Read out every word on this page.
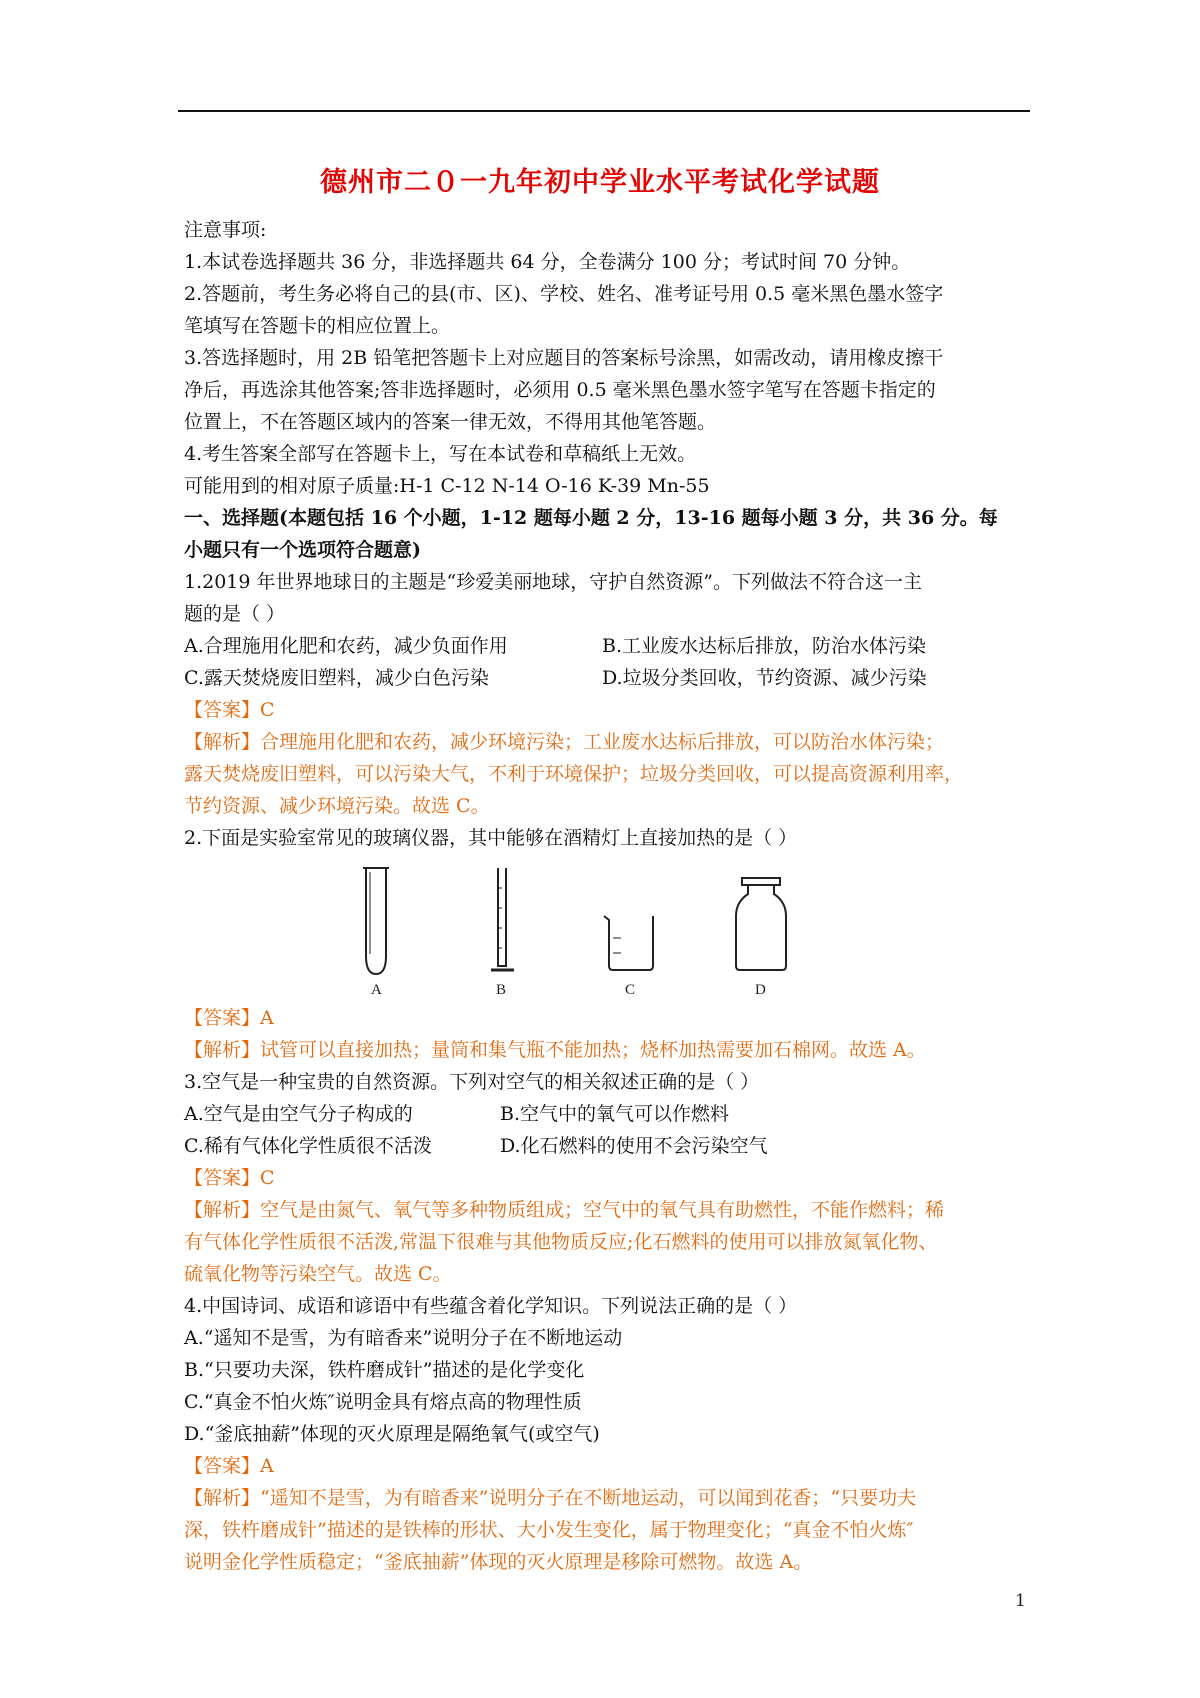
德州市二０一九年初中学业水平考试化学试题
注意事项:
1.本试卷选择题共 36 分，非选择题共 64 分，全卷满分 100 分；考试时间 70 分钟。
2.答题前，考生务必将自己的县(市、区)、学校、姓名、准考证号用 0.5 毫米黑色墨水签字
笔填写在答题卡的相应位置上。
3.答选择题时，用 2B 铅笔把答题卡上对应题目的答案标号涂黑，如需改动，请用橡皮擦干
净后，再选涂其他答案;答非选择题时，必须用 0.5 毫米黑色墨水签字笔写在答题卡指定的
位置上，不在答题区域内的答案一律无效，不得用其他笔答题。
4.考生答案全部写在答题卡上，写在本试卷和草稿纸上无效。
可能用到的相对原子质量:H-1 C-12 N-14 O-16 K-39 Mn-55
一、选择题(本题包括 16 个小题，1-12 题每小题 2 分，13-16 题每小题 3 分，共 36 分。每
小题只有一个选项符合题意)
1.2019 年世界地球日的主题是“珍爱美丽地球，守护自然资源”。下列做法不符合这一主
题的是（ ）
A.合理施用化肥和农药，减少负面作用	B.工业废水达标后排放，防治水体污染
C.露天焚烧废旧塑料，减少白色污染	D.垃圾分类回收，节约资源、减少污染
【答案】C
【解析】合理施用化肥和农药，减少环境污染；工业废水达标后排放，可以防治水体污染；
露天焚烧废旧塑料，可以污染大气，不利于环境保护；垃圾分类回收，可以提高资源利用率，
节约资源、减少环境污染。故选 C。
2.下面是实验室常见的玻璃仪器，其中能够在酒精灯上直接加热的是（ ）
A	B	C	D
【答案】A
【解析】试管可以直接加热；量筒和集气瓶不能加热；烧杯加热需要加石棉网。故选 A。
3.空气是一种宝贵的自然资源。下列对空气的相关叙述正确的是（ ）
A.空气是由空气分子构成的	B.空气中的氧气可以作燃料
C.稀有气体化学性质很不活泼	D.化石燃料的使用不会污染空气
【答案】C
【解析】空气是由氮气、氧气等多种物质组成；空气中的氧气具有助燃性，不能作燃料；稀
有气体化学性质很不活泼,常温下很难与其他物质反应;化石燃料的使用可以排放氮氧化物、
硫氧化物等污染空气。故选 C。
4.中国诗词、成语和谚语中有些蕴含着化学知识。下列说法正确的是（ ）
A.“遥知不是雪，为有暗香来”说明分子在不断地运动
B.“只要功夫深，铁杵磨成针”描述的是化学变化
C.“真金不怕火炼″说明金具有熔点高的物理性质
D.“釜底抽薪”体现的灭火原理是隔绝氧气(或空气)
【答案】A
【解析】“遥知不是雪，为有暗香来”说明分子在不断地运动，可以闻到花香；“只要功夫
深，铁杵磨成针”描述的是铁棒的形状、大小发生变化，属于物理变化；“真金不怕火炼″
说明金化学性质稳定；“釜底抽薪”体现的灭火原理是移除可燃物。故选 A。
1
